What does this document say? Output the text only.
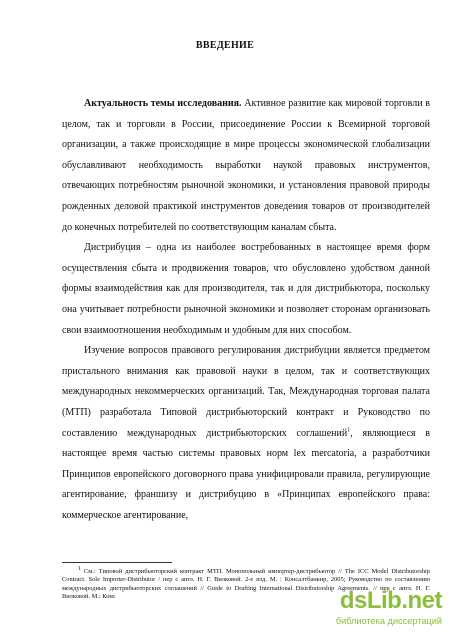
ВВЕДЕНИЕ

Актуальность темы исследования. Активное развитие как мировой торговли в целом, так и торговли в России, присоединение России к Всемирной торговой организации, а также происходящие в мире процессы экономической глобализации обуславливают необходимость выработки наукой правовых инструментов, отвечающих потребностям рыночной экономики, и установления правовой природы рожденных деловой практикой инструментов доведения товаров от производителей до конечных потребителей по соответствующим каналам сбыта.

Дистрибуция – одна из наиболее востребованных в настоящее время форм осуществления сбыта и продвижения товаров, что обусловлено удобством данной формы взаимодействия как для производителя, так и для дистрибьютора, поскольку она учитывает потребности рыночной экономики и позволяет сторонам организовать свои взаимоотношения необходимым и удобным для них способом.

Изучение вопросов правового регулирования дистрибуции является предметом пристального внимания как правовой науки в целом, так и соответствующих международных некоммерческих организаций. Так, Международная торговая палата (МТП) разработала Типовой дистрибьюторский контракт и Руководство по составлению международных дистрибьюторских соглашений$^1$, являющиеся в настоящее время частью системы правовых норм lex mercatoria, а разработчики Принципов европейского договорного права унифицировали правила, регулирующие агентирование, франшизу и дистрибуцию в «Принципах европейского права: коммерческое агентирование,

$^1$ См.: Типовой дистрибьюторский контракт МТП. Монопольный импортер-дистрибьютор // The ICC Model Distributorship Contract. Sole Importer-Distributor / пер с англ. Н. Г. Вилковой. 2-е изд. М. : Консалтбанкир, 2005; Руководство по составлению международных дистрибьюторских соглашений // Guide to Drafting International Distributorship Agreements. // пер с англ. Н. Г. Вилковой. М.: Конс	dsLib.net
библиотека диссертаций
